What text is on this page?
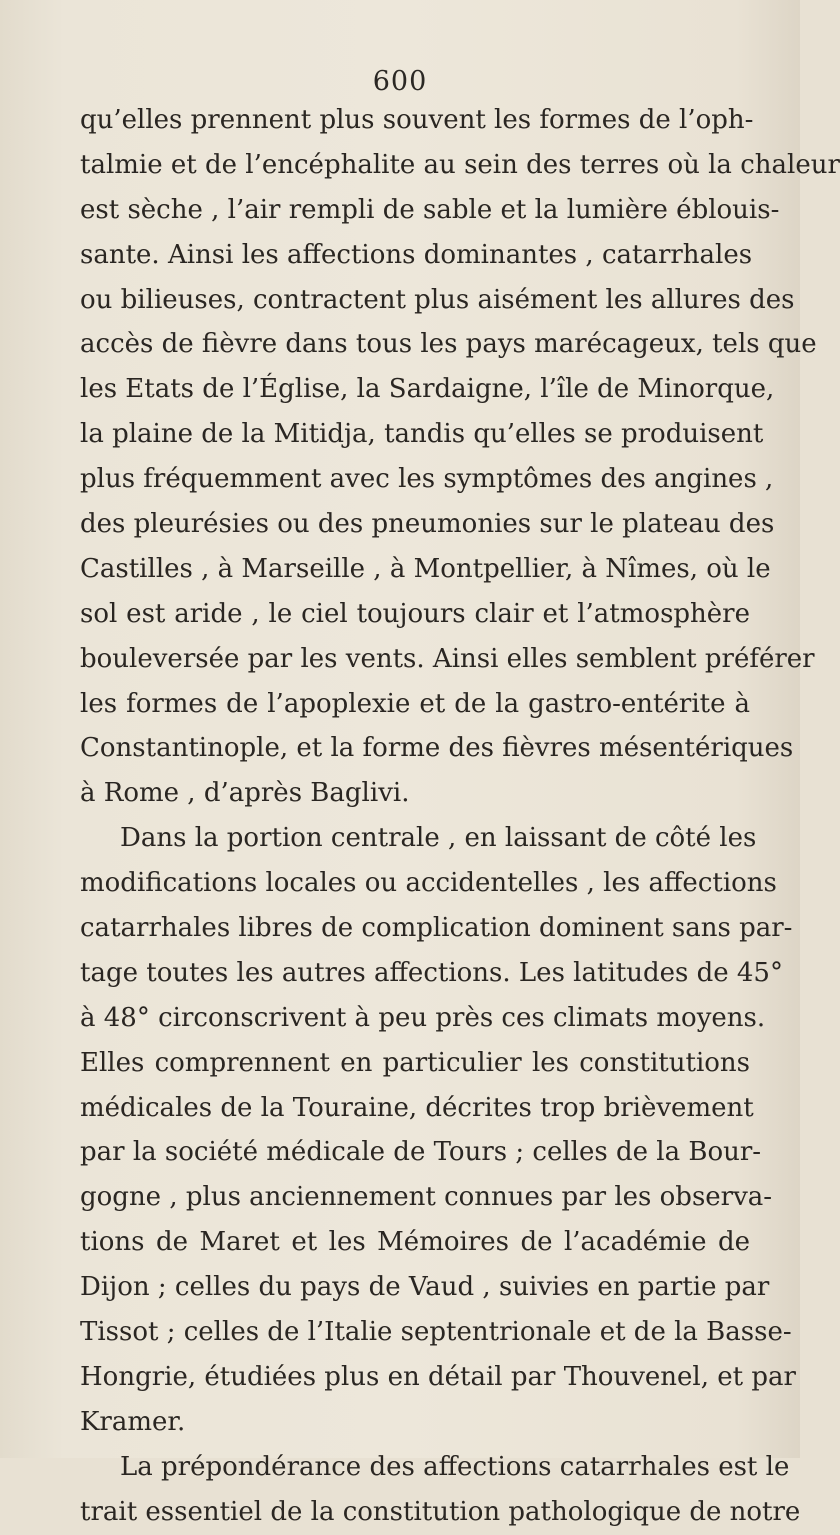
600
qu’elles prennent plus souvent les formes de l’oph-
talmie et de l’encéphalite au sein des terres où la chaleur
est sèche , l’air rempli de sable et la lumière éblouis-
sante. Ainsi les affections dominantes , catarrhales
ou bilieuses, contractent plus aisément les allures des
accès de fièvre dans tous les pays marécageux, tels que
les Etats de l’Église, la Sardaigne, l’île de Minorque,
la plaine de la Mitidja, tandis qu’elles se produisent
plus fréquemment avec les symptômes des angines ,
des pleurésies ou des pneumonies sur le plateau des
Castilles , à Marseille , à Montpellier, à Nîmes, où le
sol est aride , le ciel toujours clair et l’atmosphère
bouleversée par les vents. Ainsi elles semblent préférer
les formes de l’apoplexie et de la gastro-entérite à
Constantinople, et la forme des fièvres mésentériques
à Rome , d’après Baglivi.
Dans la portion centrale , en laissant de côté les
modifications locales ou accidentelles , les affections
catarrhales libres de complication dominent sans par-
tage toutes les autres affections. Les latitudes de 45°
à 48° circonscrivent à peu près ces climats moyens.
Elles comprennent en particulier les constitutions
médicales de la Touraine, décrites trop brièvement
par la société médicale de Tours ; celles de la Bour-
gogne , plus anciennement connues par les observa-
tions de Maret et les Mémoires de l’académie de
Dijon ; celles du pays de Vaud , suivies en partie par
Tissot ; celles de l’Italie septentrionale et de la Basse-
Hongrie, étudiées plus en détail par Thouvenel, et par
Kramer.
La prépondérance des affections catarrhales est le
trait essentiel de la constitution pathologique de notre
